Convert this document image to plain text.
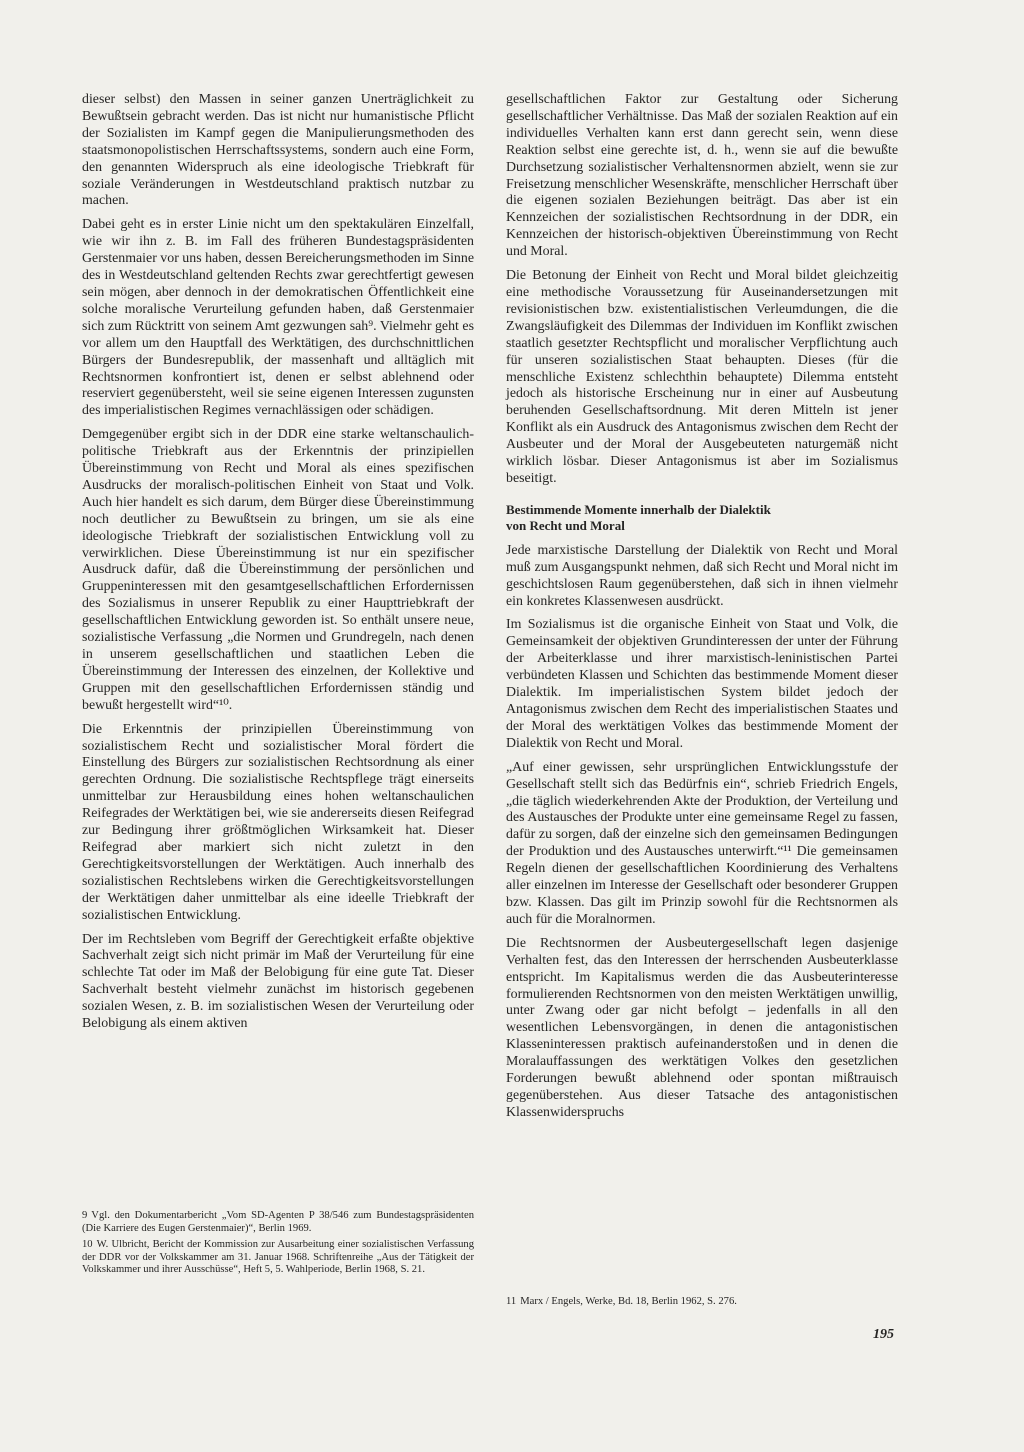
dieser selbst) den Massen in seiner ganzen Unerträglichkeit zu Bewußtsein gebracht werden. Das ist nicht nur humanistische Pflicht der Sozialisten im Kampf gegen die Manipulierungsmethoden des staatsmonopolistischen Herrschaftssystems, sondern auch eine Form, den genannten Widerspruch als eine ideologische Triebkraft für soziale Veränderungen in Westdeutschland praktisch nutzbar zu machen.

Dabei geht es in erster Linie nicht um den spektakulären Einzelfall, wie wir ihn z. B. im Fall des früheren Bundestagspräsidenten Gerstenmaier vor uns haben, dessen Bereicherungsmethoden im Sinne des in Westdeutschland geltenden Rechts zwar gerechtfertigt gewesen sein mögen, aber dennoch in der demokratischen Öffentlichkeit eine solche moralische Verurteilung gefunden haben, daß Gerstenmaier sich zum Rücktritt von seinem Amt gezwungen sah⁹. Vielmehr geht es vor allem um den Hauptfall des Werktätigen, des durchschnittlichen Bürgers der Bundesrepublik, der massenhaft und alltäglich mit Rechtsnormen konfrontiert ist, denen er selbst ablehnend oder reserviert gegenübersteht, weil sie seine eigenen Interessen zugunsten des imperialistischen Regimes vernachlässigen oder schädigen.

Demgegenüber ergibt sich in der DDR eine starke weltanschaulich-politische Triebkraft aus der Erkenntnis der prinzipiellen Übereinstimmung von Recht und Moral als eines spezifischen Ausdrucks der moralisch-politischen Einheit von Staat und Volk. Auch hier handelt es sich darum, dem Bürger diese Übereinstimmung noch deutlicher zu Bewußtsein zu bringen, um sie als eine ideologische Triebkraft der sozialistischen Entwicklung voll zu verwirklichen. Diese Übereinstimmung ist nur ein spezifischer Ausdruck dafür, daß die Übereinstimmung der persönlichen und Gruppeninteressen mit den gesamtgesellschaftlichen Erfordernissen des Sozialismus in unserer Republik zu einer Haupttriebkraft der gesellschaftlichen Entwicklung geworden ist. So enthält unsere neue, sozialistische Verfassung „die Normen und Grundregeln, nach denen in unserem gesellschaftlichen und staatlichen Leben die Übereinstimmung der Interessen des einzelnen, der Kollektive und Gruppen mit den gesellschaftlichen Erfordernissen ständig und bewußt hergestellt wird“¹⁰.

Die Erkenntnis der prinzipiellen Übereinstimmung von sozialistischem Recht und sozialistischer Moral fördert die Einstellung des Bürgers zur sozialistischen Rechtsordnung als einer gerechten Ordnung. Die sozialistische Rechtspflege trägt einerseits unmittelbar zur Herausbildung eines hohen weltanschaulichen Reifegrades der Werktätigen bei, wie sie andererseits diesen Reifegrad zur Bedingung ihrer größtmöglichen Wirksamkeit hat. Dieser Reifegrad aber markiert sich nicht zuletzt in den Gerechtigkeitsvorstellungen der Werktätigen. Auch innerhalb des sozialistischen Rechtslebens wirken die Gerechtigkeitsvorstellungen der Werktätigen daher unmittelbar als eine ideelle Triebkraft der sozialistischen Entwicklung.

Der im Rechtsleben vom Begriff der Gerechtigkeit erfaßte objektive Sachverhalt zeigt sich nicht primär im Maß der Verurteilung für eine schlechte Tat oder im Maß der Belobigung für eine gute Tat. Dieser Sachverhalt besteht vielmehr zunächst im historisch gegebenen sozialen Wesen, z. B. im sozialistischen Wesen der Verurteilung oder Belobigung als einem aktiven

9 Vgl. den Dokumentarbericht „Vom SD-Agenten P 38/546 zum Bundestagspräsidenten (Die Karriere des Eugen Gerstenmaier)“, Berlin 1969.

10 W. Ulbricht, Bericht der Kommission zur Ausarbeitung einer sozialistischen Verfassung der DDR vor der Volkskammer am 31. Januar 1968. Schriftenreihe „Aus der Tätigkeit der Volkskammer und ihrer Ausschüsse“, Heft 5, 5. Wahlperiode, Berlin 1968, S. 21.

gesellschaftlichen Faktor zur Gestaltung oder Sicherung gesellschaftlicher Verhältnisse. Das Maß der sozialen Reaktion auf ein individuelles Verhalten kann erst dann gerecht sein, wenn diese Reaktion selbst eine gerechte ist, d. h., wenn sie auf die bewußte Durchsetzung sozialistischer Verhaltensnormen abzielt, wenn sie zur Freisetzung menschlicher Wesenskräfte, menschlicher Herrschaft über die eigenen sozialen Beziehungen beiträgt. Das aber ist ein Kennzeichen der sozialistischen Rechtsordnung in der DDR, ein Kennzeichen der historisch-objektiven Übereinstimmung von Recht und Moral.

Die Betonung der Einheit von Recht und Moral bildet gleichzeitig eine methodische Voraussetzung für Auseinandersetzungen mit revisionistischen bzw. existentialistischen Verleumdungen, die die Zwangsläufigkeit des Dilemmas der Individuen im Konflikt zwischen staatlich gesetzter Rechtspflicht und moralischer Verpflichtung auch für unseren sozialistischen Staat behaupten. Dieses (für die menschliche Existenz schlechthin behauptete) Dilemma entsteht jedoch als historische Erscheinung nur in einer auf Ausbeutung beruhenden Gesellschaftsordnung. Mit deren Mitteln ist jener Konflikt als ein Ausdruck des Antagonismus zwischen dem Recht der Ausbeuter und der Moral der Ausgebeuteten naturgemäß nicht wirklich lösbar. Dieser Antagonismus ist aber im Sozialismus beseitigt.

Bestimmende Momente innerhalb der Dialektik
von Recht und Moral

Jede marxistische Darstellung der Dialektik von Recht und Moral muß zum Ausgangspunkt nehmen, daß sich Recht und Moral nicht im geschichtslosen Raum gegenüberstehen, daß sich in ihnen vielmehr ein konkretes Klassenwesen ausdrückt.

Im Sozialismus ist die organische Einheit von Staat und Volk, die Gemeinsamkeit der objektiven Grundinteressen der unter der Führung der Arbeiterklasse und ihrer marxistisch-leninistischen Partei verbündeten Klassen und Schichten das bestimmende Moment dieser Dialektik. Im imperialistischen System bildet jedoch der Antagonismus zwischen dem Recht des imperialistischen Staates und der Moral des werktätigen Volkes das bestimmende Moment der Dialektik von Recht und Moral.

„Auf einer gewissen, sehr ursprünglichen Entwicklungsstufe der Gesellschaft stellt sich das Bedürfnis ein“, schrieb Friedrich Engels, „die täglich wiederkehrenden Akte der Produktion, der Verteilung und des Austausches der Produkte unter eine gemeinsame Regel zu fassen, dafür zu sorgen, daß der einzelne sich den gemeinsamen Bedingungen der Produktion und des Austausches unterwirft.“¹¹ Die gemeinsamen Regeln dienen der gesellschaftlichen Koordinierung des Verhaltens aller einzelnen im Interesse der Gesellschaft oder besonderer Gruppen bzw. Klassen. Das gilt im Prinzip sowohl für die Rechtsnormen als auch für die Moralnormen.

Die Rechtsnormen der Ausbeutergesellschaft legen dasjenige Verhalten fest, das den Interessen der herrschenden Ausbeuterklasse entspricht. Im Kapitalismus werden die das Ausbeuterinteresse formulierenden Rechtsnormen von den meisten Werktätigen unwillig, unter Zwang oder gar nicht befolgt – jedenfalls in all den wesentlichen Lebensvorgängen, in denen die antagonistischen Klasseninteressen praktisch aufeinanderstoßen und in denen die Moralauffassungen des werktätigen Volkes den gesetzlichen Forderungen bewußt ablehnend oder spontan mißtrauisch gegenüberstehen. Aus dieser Tatsache des antagonistischen Klassenwiderspruchs

11 Marx / Engels, Werke, Bd. 18, Berlin 1962, S. 276.

195
